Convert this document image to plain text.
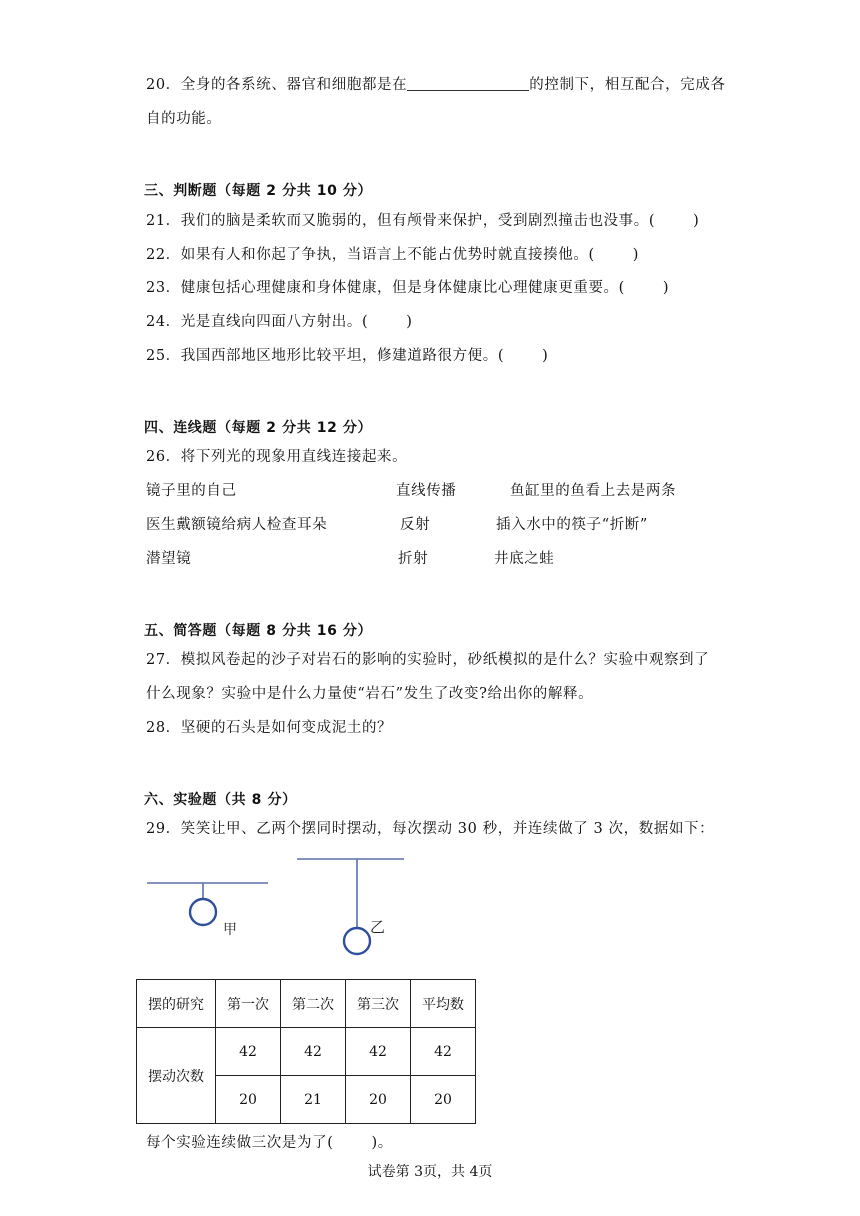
20．全身的各系统、器官和细胞都是在	的控制下，相互配合，完成各
自的功能。
三、判断题（每题 2 分共 10 分）
21．我们的脑是柔软而又脆弱的，但有颅骨来保护，受到剧烈撞击也没事。(	)
22．如果有人和你起了争执，当语言上不能占优势时就直接揍他。(	)
23．健康包括心理健康和身体健康，但是身体健康比心理健康更重要。(	)
24．光是直线向四面八方射出。(	)
25．我国西部地区地形比较平坦，修建道路很方便。(	)
四、连线题（每题 2 分共 12 分）
26．将下列光的现象用直线连接起来。
镜子里的自己	直线传播	鱼缸里的鱼看上去是两条
医生戴额镜给病人检查耳朵	反射	插入水中的筷子“折断”
潜望镜	折射	井底之蛙
五、简答题（每题 8 分共 16 分）
27．模拟风卷起的沙子对岩石的影响的实验时，砂纸模拟的是什么？实验中观察到了
什么现象？实验中是什么力量使“岩石”发生了改变?给出你的解释。
28．坚硬的石头是如何变成泥土的？
六、实验题（共 8 分）
29．笑笑让甲、乙两个摆同时摆动，每次摆动 30 秒，并连续做了 3 次，数据如下：
甲	乙
摆的研究	第一次	第二次	第三次	平均数
摆动次数	42	42	42	42
	20	21	20	20
每个实验连续做三次是为了(	)。
试卷第 3页，共 4页
